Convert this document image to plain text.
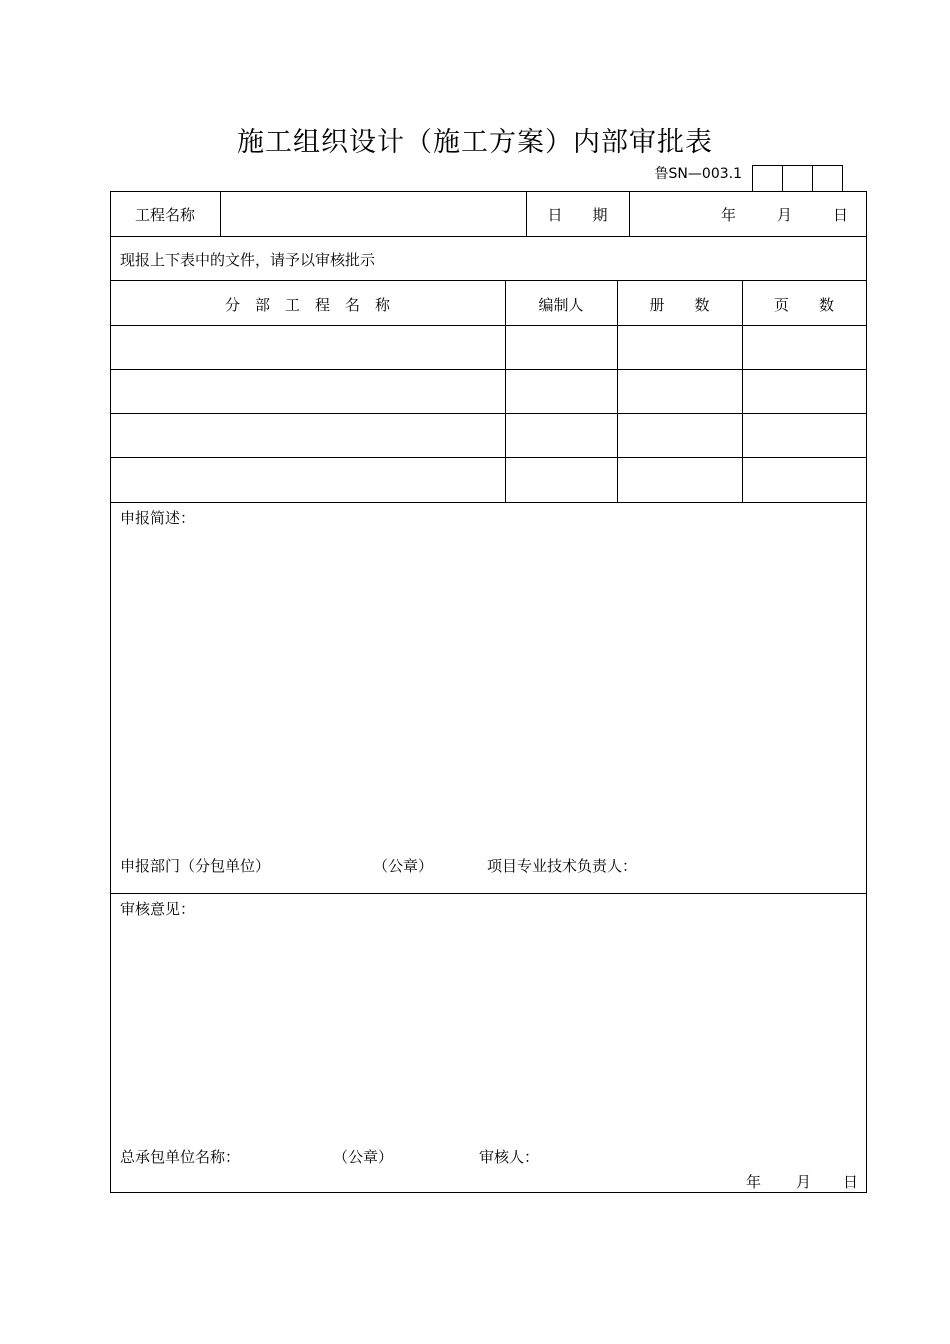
施工组织设计（施工方案）内部审批表
鲁SN—003.1
工程名称	日　　期	年	月	日
现报上下表中的文件，请予以审核批示
分　部　工　程　名　称	编制人	册　　数	页　　数
申报简述：
申报部门（分包单位）	（公章）	项目专业技术负责人：
审核意见：
总承包单位名称：	（公章）	审核人：
年 月 日
